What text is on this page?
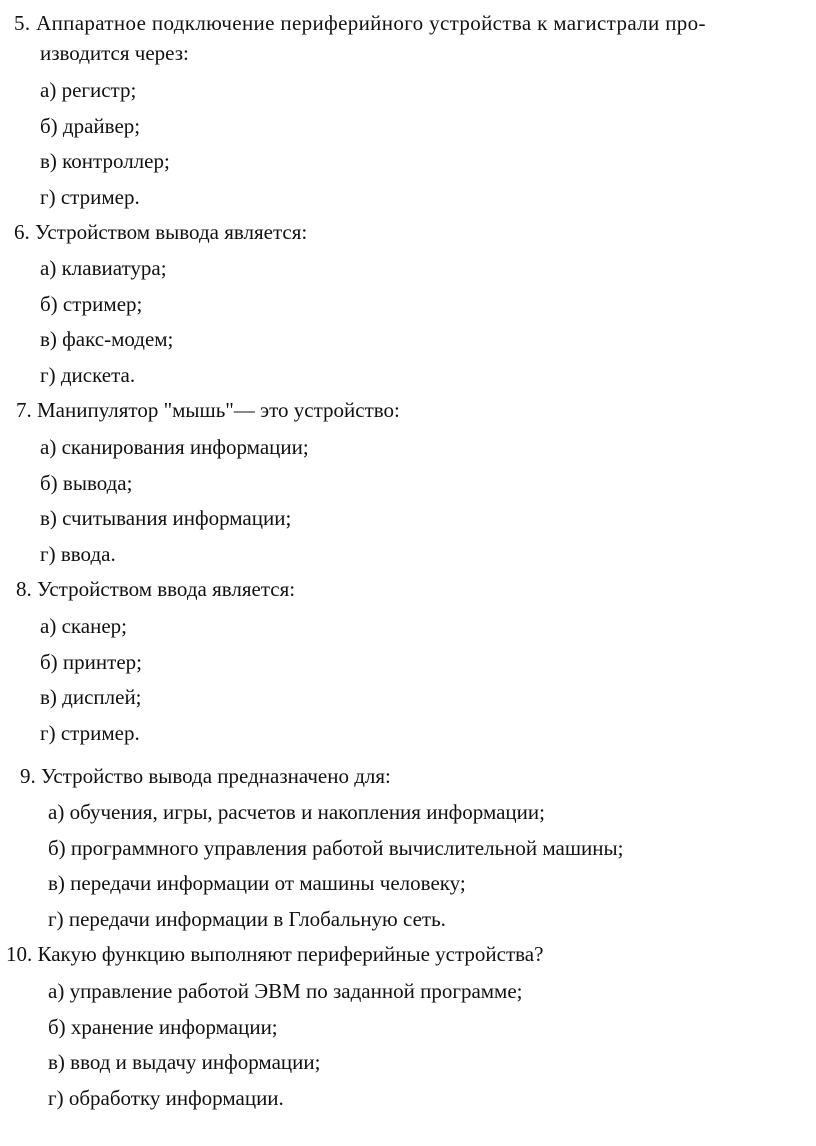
5. Аппаратное подключение периферийного устройства к магистрали про-
изводится через:
а) регистр;
б) драйвер;
в) контроллер;
г) стример.
6. Устройством вывода является:
а) клавиатура;
б) стример;
в) факс-модем;
г) дискета.
7. Манипулятор "мышь"— это устройство:
а) сканирования информации;
б) вывода;
в) считывания информации;
г) ввода.
8. Устройством ввода является:
а) сканер;
б) принтер;
в) дисплей;
г) стример.
9. Устройство вывода предназначено для:
а) обучения, игры, расчетов и накопления информации;
б) программного управления работой вычислительной машины;
в) передачи информации от машины человеку;
г) передачи информации в Глобальную сеть.
10. Какую функцию выполняют периферийные устройства?
а) управление работой ЭВМ по заданной программе;
б) хранение информации;
в) ввод и выдачу информации;
г) обработку информации.
